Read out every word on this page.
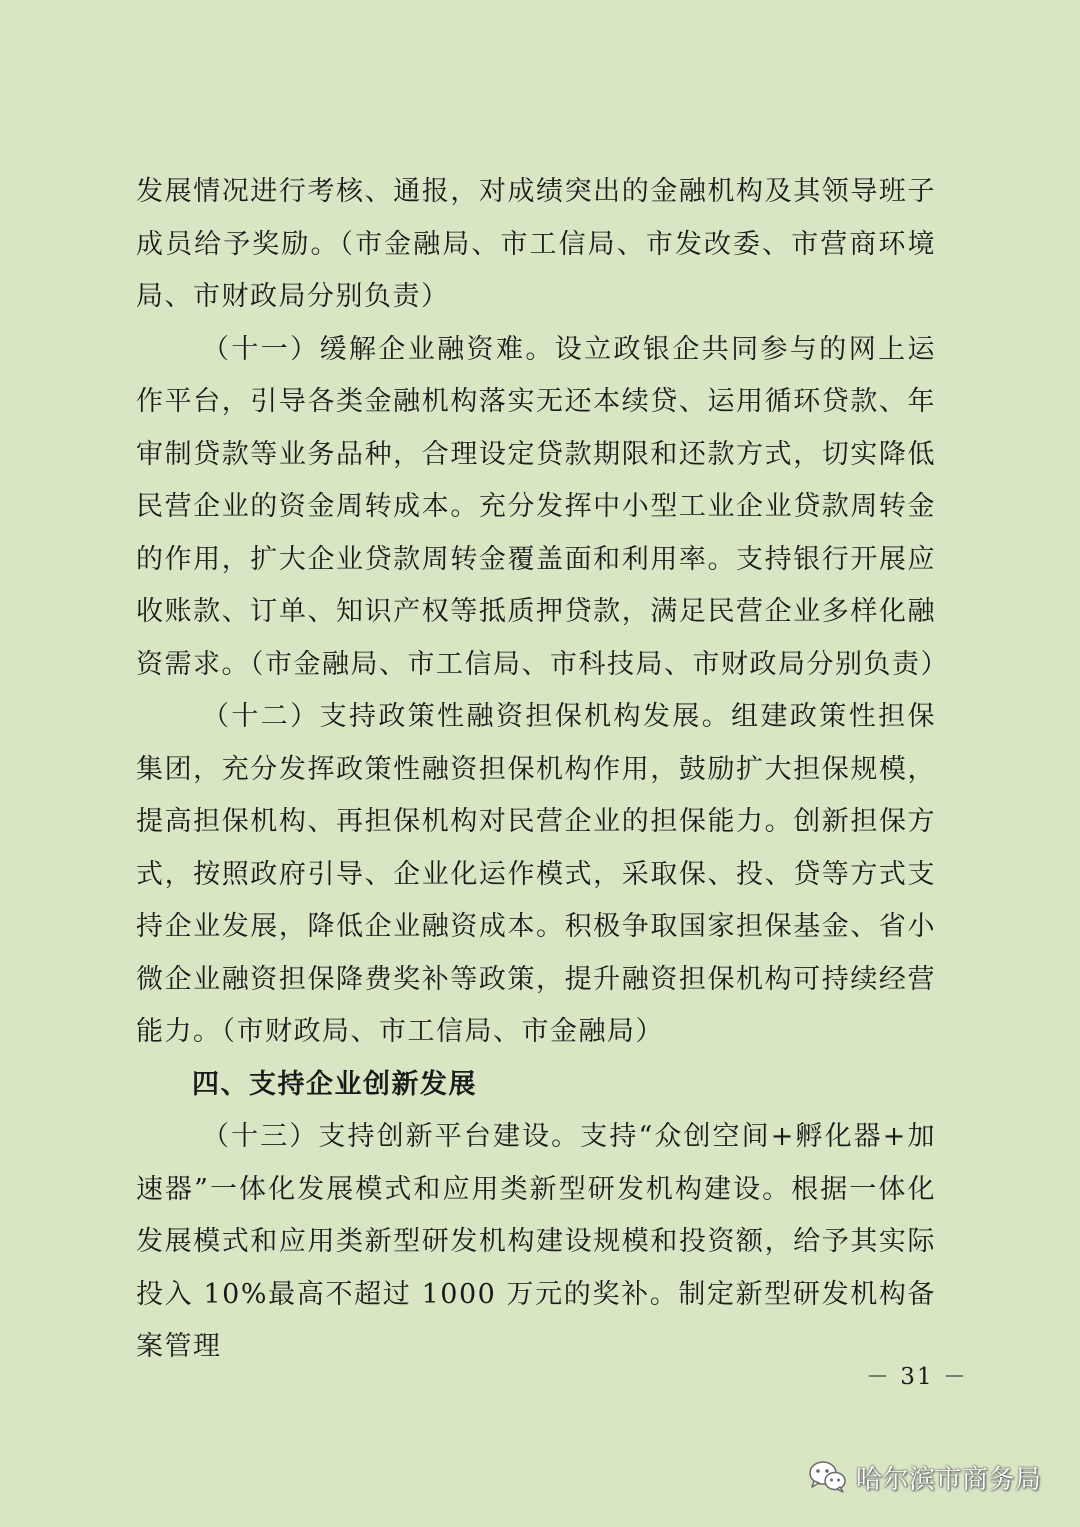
发展情况进行考核、通报，对成绩突出的金融机构及其领导班子成员给予奖励。（市金融局、市工信局、市发改委、市营商环境局、市财政局分别负责）

（十一）缓解企业融资难。设立政银企共同参与的网上运作平台，引导各类金融机构落实无还本续贷、运用循环贷款、年审制贷款等业务品种，合理设定贷款期限和还款方式，切实降低民营企业的资金周转成本。充分发挥中小型工业企业贷款周转金的作用，扩大企业贷款周转金覆盖面和利用率。支持银行开展应收账款、订单、知识产权等抵质押贷款，满足民营企业多样化融资需求。（市金融局、市工信局、市科技局、市财政局分别负责）

（十二）支持政策性融资担保机构发展。组建政策性担保集团，充分发挥政策性融资担保机构作用，鼓励扩大担保规模，提高担保机构、再担保机构对民营企业的担保能力。创新担保方式，按照政府引导、企业化运作模式，采取保、投、贷等方式支持企业发展，降低企业融资成本。积极争取国家担保基金、省小微企业融资担保降费奖补等政策，提升融资担保机构可持续经营能力。（市财政局、市工信局、市金融局）

四、支持企业创新发展

（十三）支持创新平台建设。支持“众创空间+孵化器+加速器”一体化发展模式和应用类新型研发机构建设。根据一体化发展模式和应用类新型研发机构建设规模和投资额，给予其实际投入 10%最高不超过 1000 万元的奖补。制定新型研发机构备案管理

－ 31 －
哈尔滨市商务局
